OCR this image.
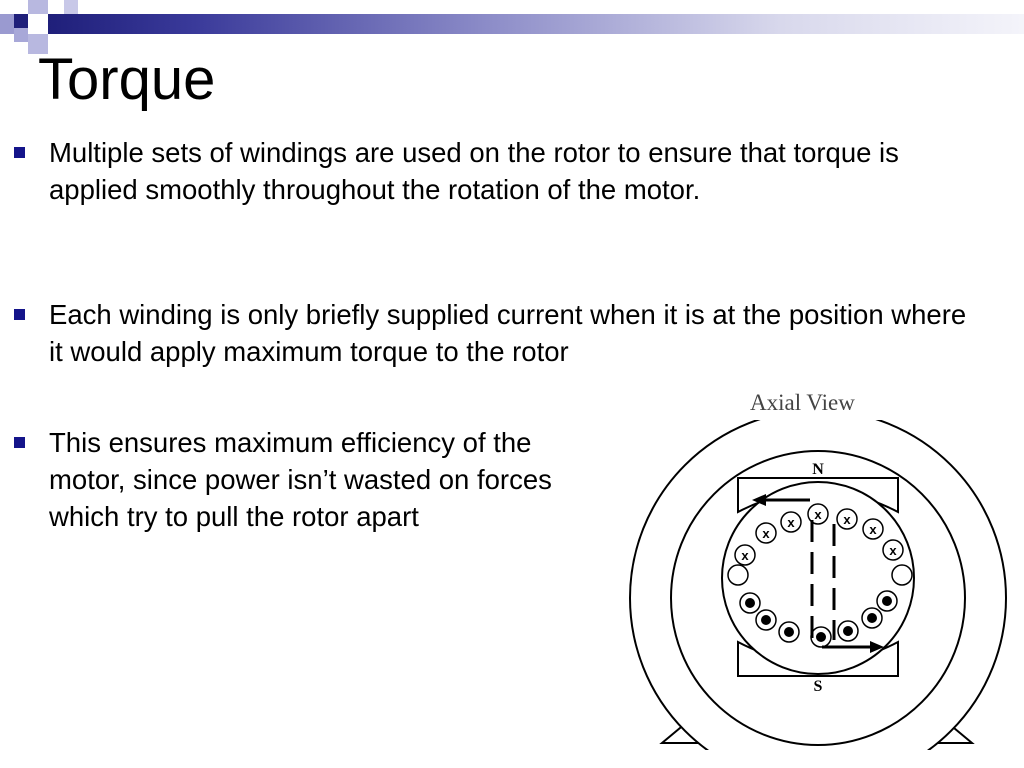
Torque
Multiple sets of windings are used on the rotor to ensure that torque is applied smoothly throughout the rotation of the motor.
Each winding is only briefly supplied current when it is at the position where it would apply maximum torque to the rotor
This ensures maximum efficiency of the motor, since power isn’t wasted on forces which try to pull the rotor apart
Axial View
N
S
x
x
x
x
x
x
x
